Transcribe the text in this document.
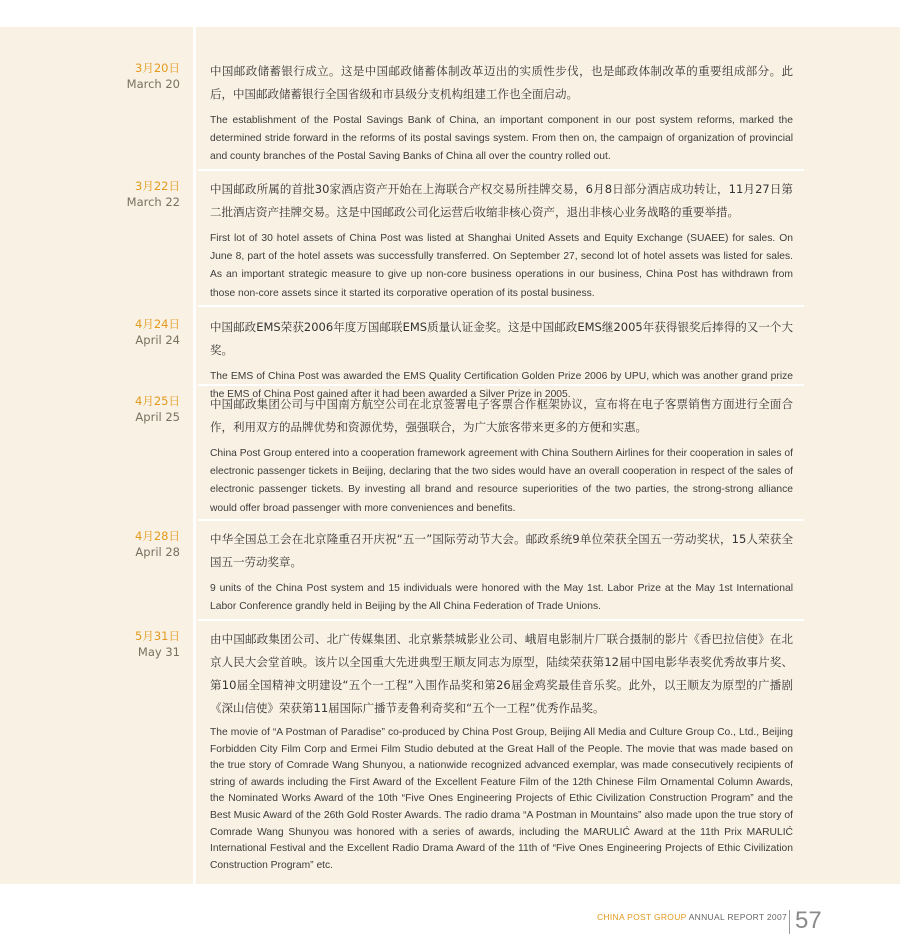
3月20日
March 20

中国邮政储蓄银行成立。这是中国邮政储蓄体制改革迈出的实质性步伐，也是邮政体制改革的重要组成部分。此后，中国邮政储蓄银行全国省级和市县级分支机构组建工作也全面启动。

The establishment of the Postal Savings Bank of China, an important component in our post system reforms, marked the determined stride forward in the reforms of its postal savings system. From then on, the campaign of organization of provincial and county branches of the Postal Saving Banks of China all over the country rolled out.

3月22日
March 22

中国邮政所属的首批30家酒店资产开始在上海联合产权交易所挂牌交易，6月8日部分酒店成功转让，11月27日第二批酒店资产挂牌交易。这是中国邮政公司化运营后收缩非核心资产，退出非核心业务战略的重要举措。

First lot of 30 hotel assets of China Post was listed at Shanghai United Assets and Equity Exchange (SUAEE) for sales. On June 8, part of the hotel assets was successfully transferred. On September 27, second lot of hotel assets was listed for sales. As an important strategic measure to give up non-core business operations in our business, China Post has withdrawn from those non-core assets since it started its corporative operation of its postal business.

4月24日
April 24

中国邮政EMS荣获2006年度万国邮联EMS质量认证金奖。这是中国邮政EMS继2005年获得银奖后捧得的又一个大奖。

The EMS of China Post was awarded the EMS Quality Certification Golden Prize 2006 by UPU, which was another grand prize the EMS of China Post gained after it had been awarded a Silver Prize in 2005.

4月25日
April 25

中国邮政集团公司与中国南方航空公司在北京签署电子客票合作框架协议，宣布将在电子客票销售方面进行全面合作，利用双方的品牌优势和资源优势，强强联合，为广大旅客带来更多的方便和实惠。

China Post Group entered into a cooperation framework agreement with China Southern Airlines for their cooperation in sales of electronic passenger tickets in Beijing, declaring that the two sides would have an overall cooperation in respect of the sales of electronic passenger tickets. By investing all brand and resource superiorities of the two parties, the strong-strong alliance would offer broad passenger with more conveniences and benefits.

4月28日
April 28

中华全国总工会在北京隆重召开庆祝“五一”国际劳动节大会。邮政系统9单位荣获全国五一劳动奖状，15人荣获全国五一劳动奖章。

9 units of the China Post system and 15 individuals were honored with the May 1st. Labor Prize at the May 1st International Labor Conference grandly held in Beijing by the All China Federation of Trade Unions.

5月31日
May 31

由中国邮政集团公司、北广传媒集团、北京紫禁城影业公司、峨眉电影制片厂联合摄制的影片《香巴拉信使》在北京人民大会堂首映。该片以全国重大先进典型王顺友同志为原型，陆续荣获第12届中国电影华表奖优秀故事片奖、第10届全国精神文明建设“五个一工程”入围作品奖和第26届金鸡奖最佳音乐奖。此外，以王顺友为原型的广播剧《深山信使》荣获第11届国际广播节麦鲁利奇奖和“五个一工程”优秀作品奖。

The movie of “A Postman of Paradise” co-produced by China Post Group, Beijing All Media and Culture Group Co., Ltd., Beijing Forbidden City Film Corp and Ermei Film Studio debuted at the Great Hall of the People. The movie that was made based on the true story of Comrade Wang Shunyou, a nationwide recognized advanced exemplar, was made consecutively recipients of string of awards including the First Award of the Excellent Feature Film of the 12th Chinese Film Ornamental Column Awards, the Nominated Works Award of the 10th “Five Ones Engineering Projects of Ethic Civilization Construction Program” and the Best Music Award of the 26th Gold Roster Awards. The radio drama “A Postman in Mountains” also made upon the true story of Comrade Wang Shunyou was honored with a series of awards, including the MARULIĆ Award at the 11th Prix MARULIĆ International Festival and the Excellent Radio Drama Award of the 11th of “Five Ones Engineering Projects of Ethic Civilization Construction Program” etc.

CHINA POST GROUP ANNUAL REPORT 2007 57
